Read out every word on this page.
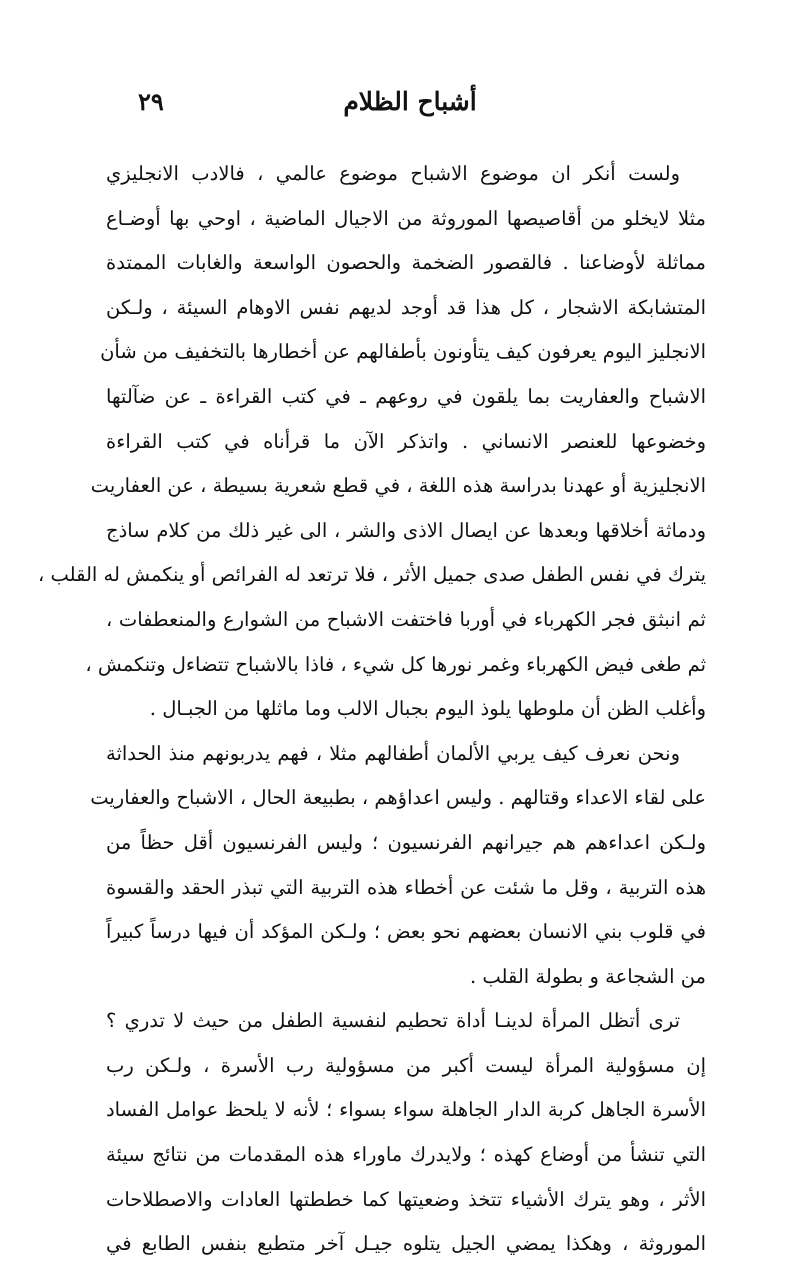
أشباح الظلام
٢٩
ولست أنكر ان موضوع الاشباح موضوع عالمي ، فالادب الانجليزي
مثلا لايخلو من أقاصيصها الموروثة من الاجيال الماضية ، اوحي بها أوضـاع
مماثلة لأوضاعنا . فالقصور الضخمة والحصون الواسعة والغابات الممتدة
المتشابكة الاشجار ، كل هذا قد أوجد لديهم نفس الاوهام السيئة ، ولـكن
الانجليز اليوم يعرفون كيف يتأونون بأطفالهم عن أخطارها بالتخفيف من شأن
الاشباح والعفاريت بما يلقون في روعهم ـ في كتب القراءة ـ عن ضآلتها
وخضوعها للعنصر الانساني . واتذكر الآن ما قرأناه في كتب القراءة
الانجليزية أو عهدنا بدراسة هذه اللغة ، في قطع شعرية بسيطة ، عن العفاريت
ودماثة أخلاقها وبعدها عن ايصال الاذى والشر ، الى غير ذلك من كلام ساذج
يترك في نفس الطفل صدى جميل الأثر ، فلا ترتعد له الفرائص أو ينكمش له القلب ،
ثم انبثق فجر الكهرباء في أوربا فاختفت الاشباح من الشوارع والمنعطفات ،
ثم طغى فيض الكهرباء وغمر نورها كل شيء ، فاذا بالاشباح تتضاءل وتنكمش ،
وأغلب الظن أن ملوطها يلوذ اليوم بجبال الالب وما ماثلها من الجبـال .
ونحن نعرف كيف يربي الألمان أطفالهم مثلا ، فهم يدربونهم منذ الحداثة
على لقاء الاعداء وقتالهم . وليس اعداؤهم ، بطبيعة الحال ، الاشباح والعفاريت
ولـكن اعداءهم هم جيرانهم الفرنسيون ؛ وليس الفرنسيون أقل حظاً من
هذه التربية ، وقل ما شئت عن أخطاء هذه التربية التي تبذر الحقد والقسوة
في قلوب بني الانسان بعضهم نحو بعض ؛ ولـكن المؤكد أن فيها درساً كبيراً
من الشجاعة و بطولة القلب .
ترى أتظل المرأة لدينـا أداة تحطيم لنفسية الطفل من حيث لا تدري ؟
إن مسؤولية المرأة ليست أكبر من مسؤولية رب الأسرة ، ولـكن رب
الأسرة الجاهل كربة الدار الجاهلة سواء بسواء ؛ لأنه لا يلحظ عوامل الفساد
التي تنشأ من أوضاع كهذه ؛ ولايدرك ماوراء هذه المقدمات من نتائج سيئة
الأثر ، وهو يترك الأشياء تتخذ وضعيتها كما خططتها العادات والاصطلاحات
الموروثة ، وهكذا يمضي الجيل يتلوه جيـل آخر متطبع بنفس الطابع في
